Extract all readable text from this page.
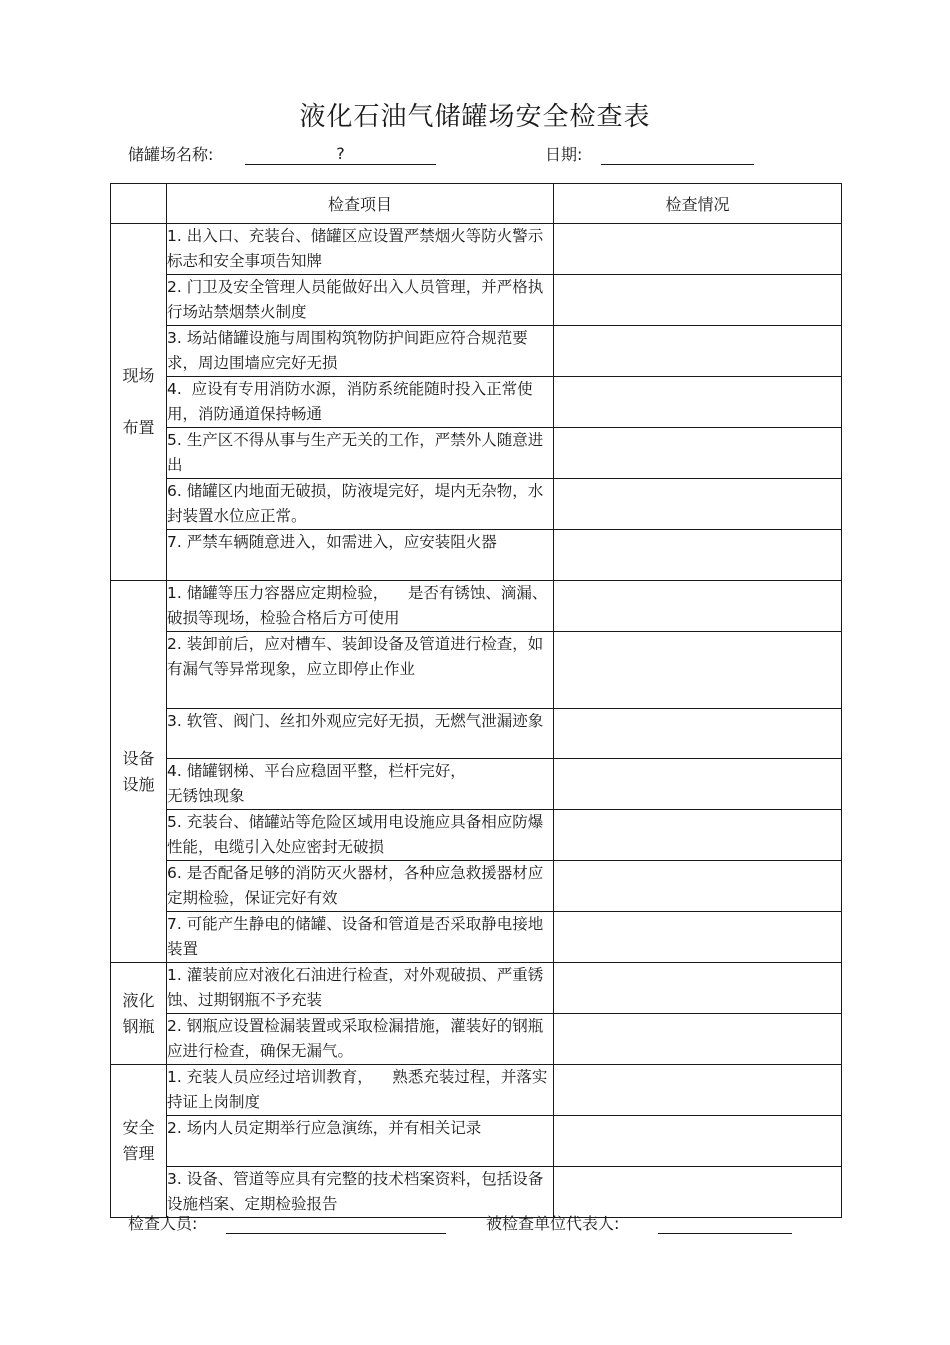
液化石油气储罐场安全检查表
储罐场名称:	?	日期:
	检查项目	检查情况
现场

布置	1. 出入口、充装台、储罐区应设置严禁烟火等防火警示标志和安全事项告知牌	
	2. 门卫及安全管理人员能做好出入人员管理，并严格执行场站禁烟禁火制度	
	3. 场站储罐设施与周围构筑物防护间距应符合规范要求，周边围墙应完好无损	
	4.  应设有专用消防水源，消防系统能随时投入正常使用，消防通道保持畅通	
	5. 生产区不得从事与生产无关的工作，严禁外人随意进出	
	6. 储罐区内地面无破损，防液堤完好，堤内无杂物，水封装置水位应正常。	
	7. 严禁车辆随意进入，如需进入，应安装阻火器	
设备
设施	1. 储罐等压力容器应定期检验，    是否有锈蚀、滴漏、破损等现场，检验合格后方可使用	
	2. 装卸前后，应对槽车、装卸设备及管道进行检查，如有漏气等异常现象，应立即停止作业	
	3. 软管、阀门、丝扣外观应完好无损，无燃气泄漏迹象	
	4. 储罐钢梯、平台应稳固平整，栏杆完好，
无锈蚀现象	
	5. 充装台、储罐站等危险区域用电设施应具备相应防爆性能，电缆引入处应密封无破损	
	6. 是否配备足够的消防灭火器材，各种应急救援器材应定期检验，保证完好有效	
	7. 可能产生静电的储罐、设备和管道是否采取静电接地装置	
液化
钢瓶	1. 灌装前应对液化石油进行检查，对外观破损、严重锈蚀、过期钢瓶不予充装	
	2. 钢瓶应设置检漏装置或采取检漏措施，灌装好的钢瓶应进行检查，确保无漏气。	
安全
管理	1. 充装人员应经过培训教育，    熟悉充装过程，并落实持证上岗制度	
	2. 场内人员定期举行应急演练，并有相关记录	
	3. 设备、管道等应具有完整的技术档案资料，包括设备设施档案、定期检验报告	
检查人员:	被检查单位代表人:
